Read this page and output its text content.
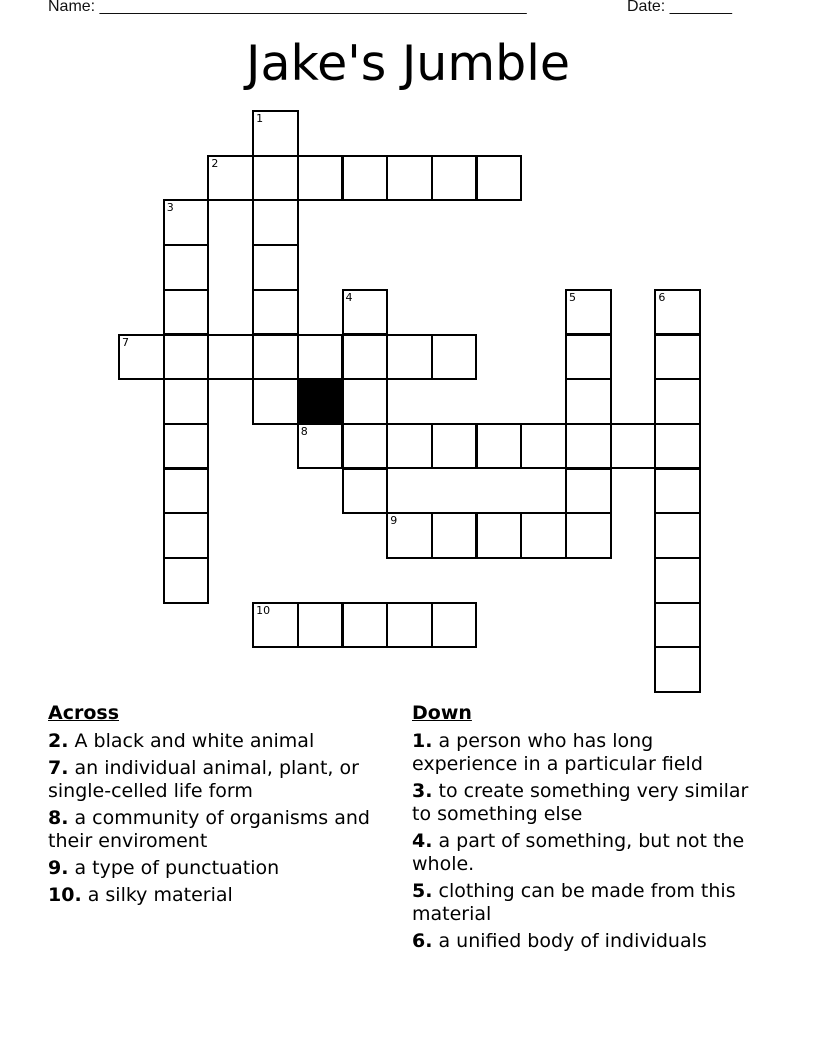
Name: ________________________________________________	Date: _______
Jake's Jumble
1
2
3
4	5	6
7
8
9
10
Across
2. A black and white animal
7. an individual animal, plant, or single-celled life form
8. a community of organisms and their enviroment
9. a type of punctuation
10. a silky material
Down
1. a person who has long experience in a particular field
3. to create something very similar to something else
4. a part of something, but not the whole.
5. clothing can be made from this material
6. a unified body of individuals
